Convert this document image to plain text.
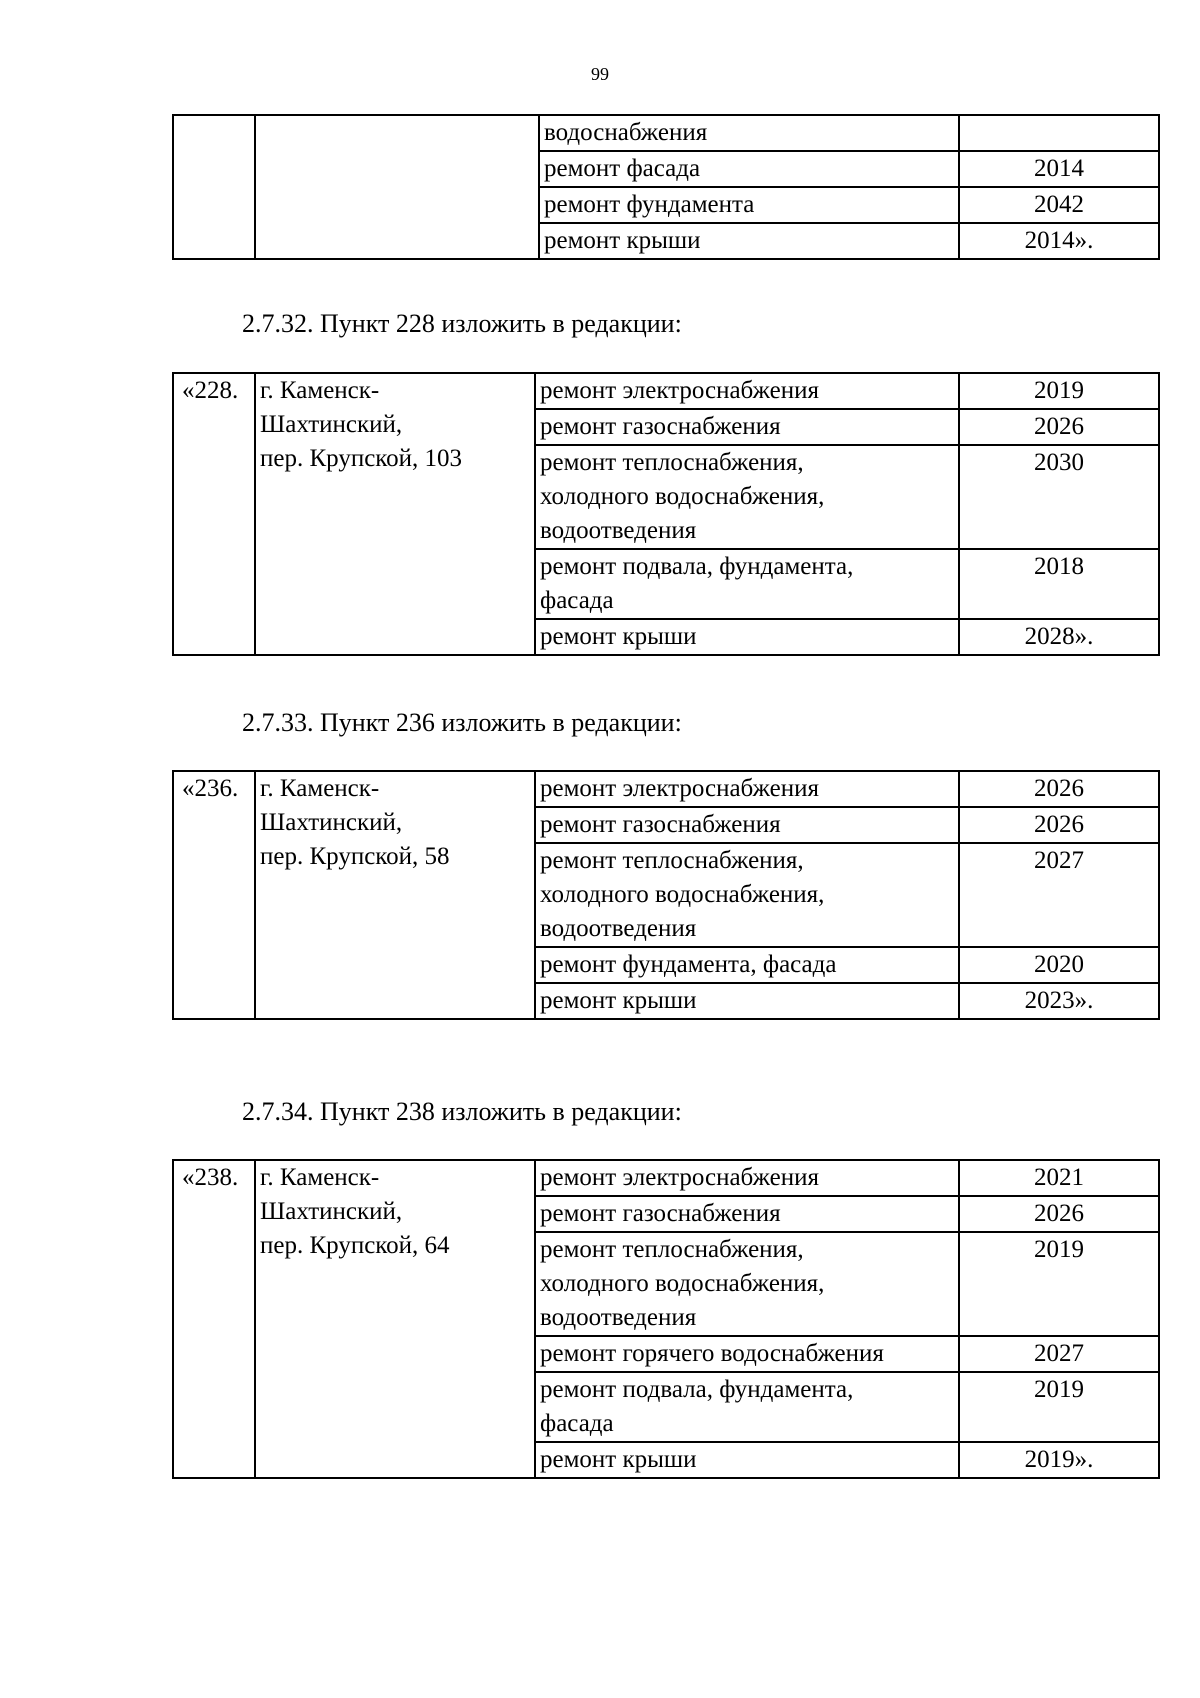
99
		водоснабжения	
		ремонт фасада	2014
		ремонт фундамента	2042
		ремонт крыши	2014».

2.7.32. Пункт 228 изложить в редакции:

«228.	г. Каменск-
Шахтинский,
пер. Крупской, 103	ремонт электроснабжения	2019

		ремонт газоснабжения	2026

		ремонт теплоснабжения,
холодного водоснабжения,
водоотведения	2030

		ремонт подвала, фундамента,
фасада	2018

		ремонт крыши	2028».

2.7.33. Пункт 236 изложить в редакции:

«236.	г. Каменск-
Шахтинский,
пер. Крупской, 58	ремонт электроснабжения	2026

		ремонт газоснабжения	2026

		ремонт теплоснабжения,
холодного водоснабжения,
водоотведения	2027

		ремонт фундамента, фасада	2020

		ремонт крыши	2023».

2.7.34. Пункт 238 изложить в редакции:

«238.	г. Каменск-
Шахтинский,
пер. Крупской, 64	ремонт электроснабжения	2021

		ремонт газоснабжения	2026

		ремонт теплоснабжения,
холодного водоснабжения,
водоотведения	2019

		ремонт горячего водоснабжения	2027

		ремонт подвала, фундамента,
фасада	2019

		ремонт крыши	2019».
